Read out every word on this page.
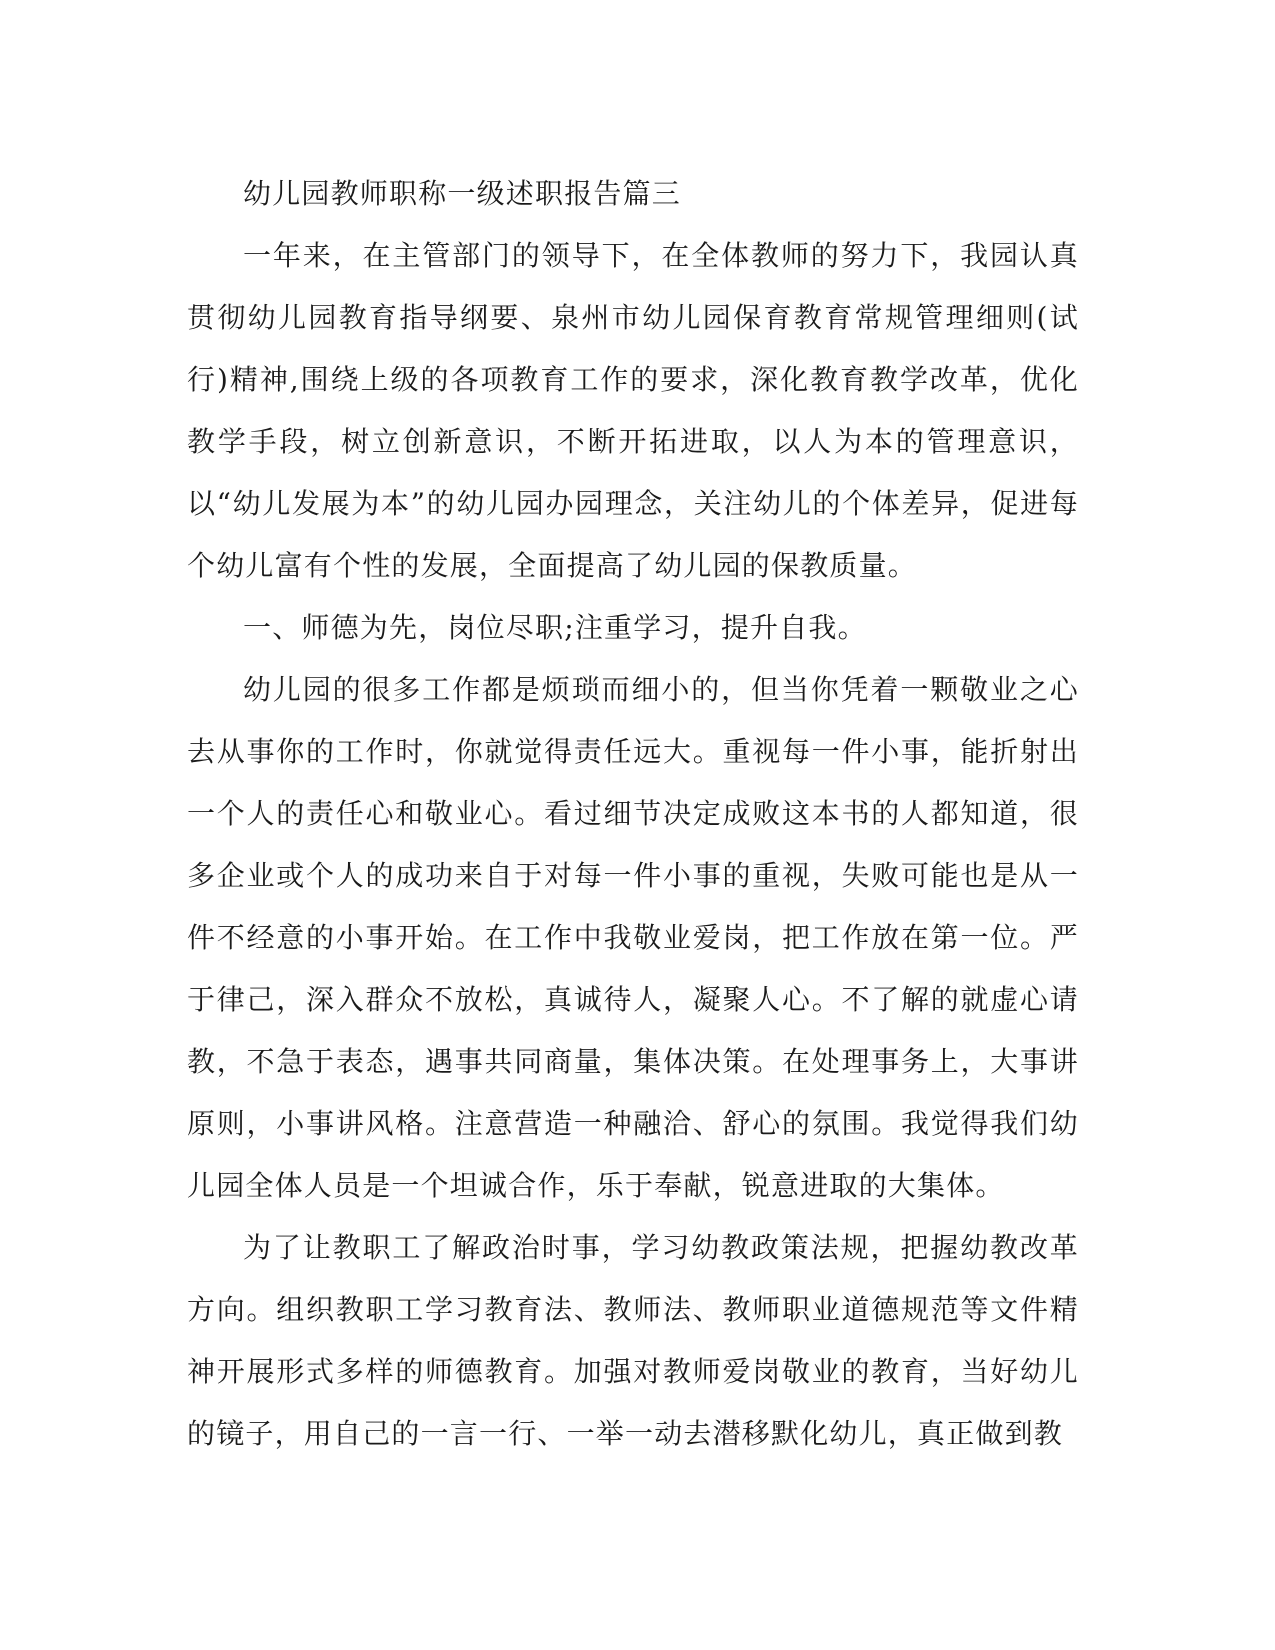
幼儿园教师职称一级述职报告篇三

一年来，在主管部门的领导下，在全体教师的努力下，我园认真贯彻幼儿园教育指导纲要、泉州市幼儿园保育教育常规管理细则(试行)精神,围绕上级的各项教育工作的要求，深化教育教学改革，优化教学手段，树立创新意识，不断开拓进取，以人为本的管理意识，以“幼儿发展为本”的幼儿园办园理念，关注幼儿的个体差异，促进每个幼儿富有个性的发展，全面提高了幼儿园的保教质量。

一、师德为先，岗位尽职;注重学习，提升自我。

幼儿园的很多工作都是烦琐而细小的，但当你凭着一颗敬业之心去从事你的工作时，你就觉得责任远大。重视每一件小事，能折射出一个人的责任心和敬业心。看过细节决定成败这本书的人都知道，很多企业或个人的成功来自于对每一件小事的重视，失败可能也是从一件不经意的小事开始。在工作中我敬业爱岗，把工作放在第一位。严于律己，深入群众不放松，真诚待人，凝聚人心。不了解的就虚心请教，不急于表态，遇事共同商量，集体决策。在处理事务上，大事讲原则，小事讲风格。注意营造一种融洽、舒心的氛围。我觉得我们幼儿园全体人员是一个坦诚合作，乐于奉献，锐意进取的大集体。

为了让教职工了解政治时事，学习幼教政策法规，把握幼教改革方向。组织教职工学习教育法、教师法、教师职业道德规范等文件精神开展形式多样的师德教育。加强对教师爱岗敬业的教育，当好幼儿的镜子，用自己的一言一行、一举一动去潜移默化幼儿，真正做到教
